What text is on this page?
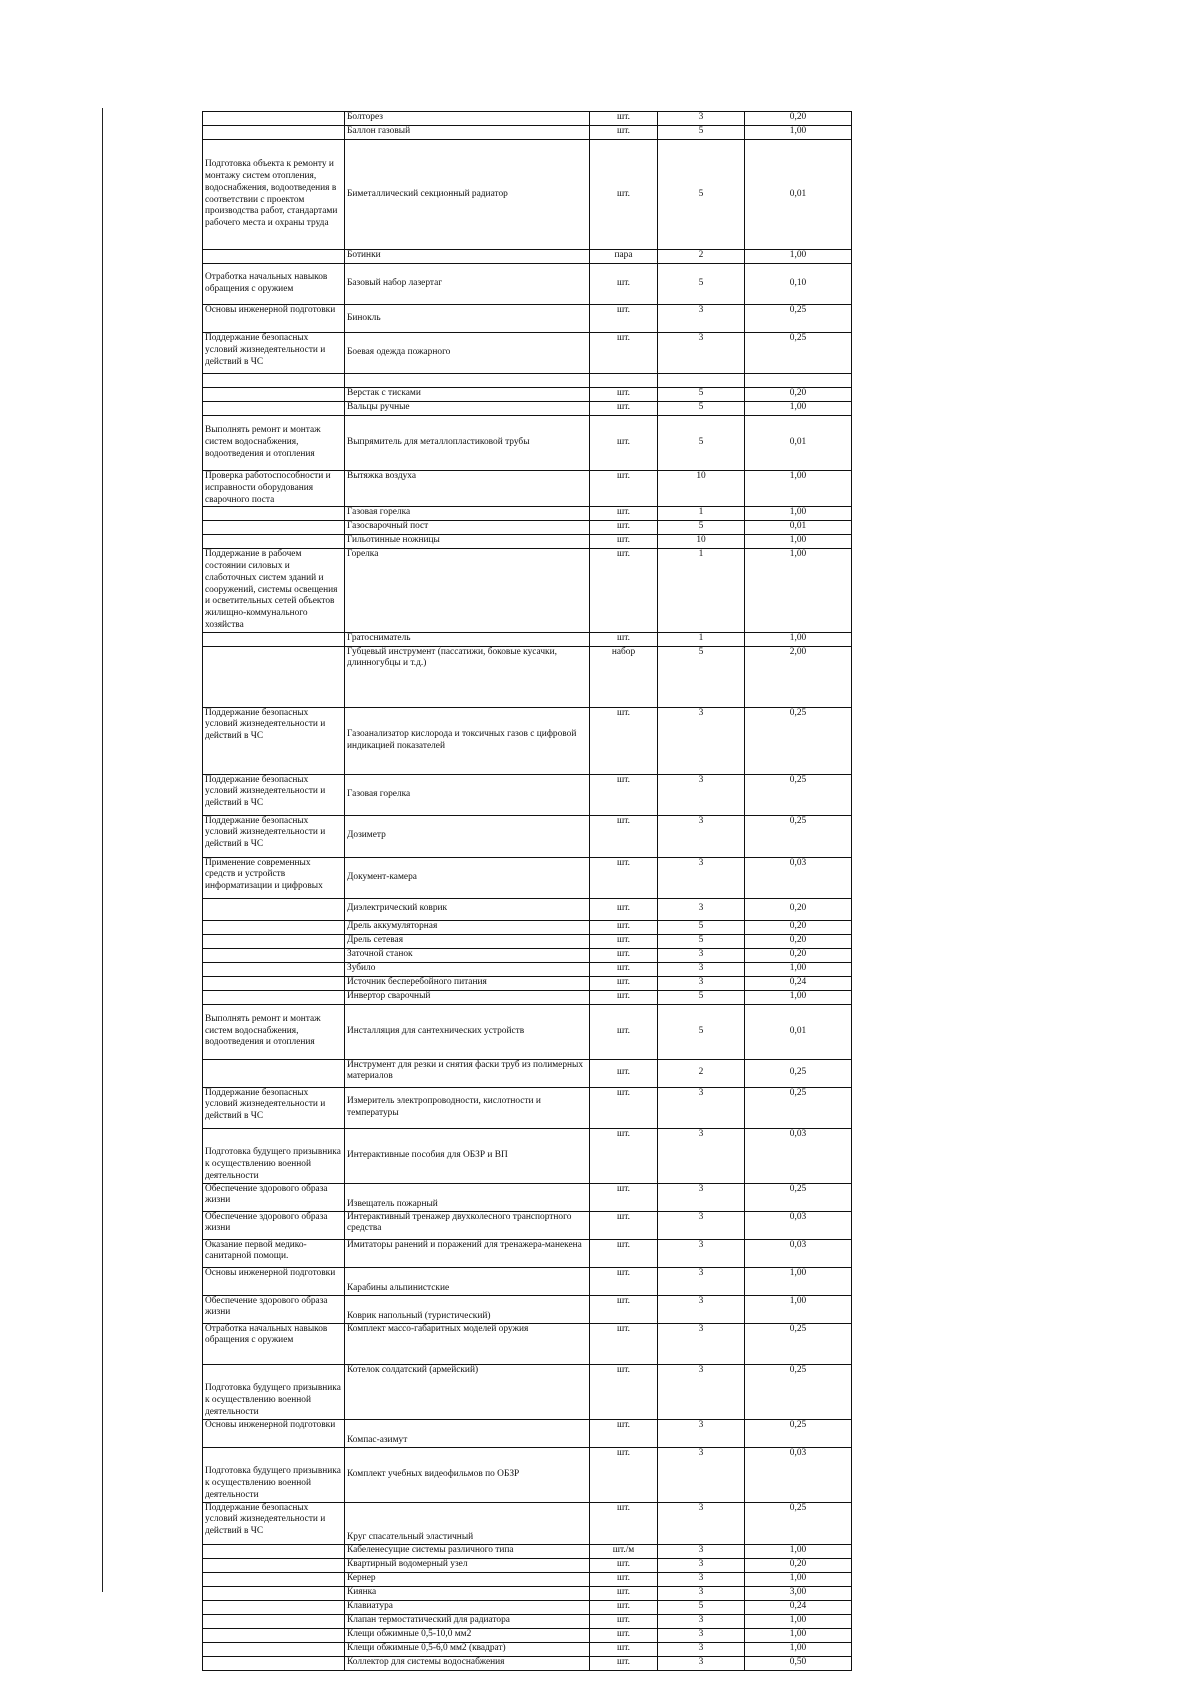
	Болторез	шт.	3	0,20
	Баллон газовый	шт.	5	1,00
Подготовка объекта к ремонту и монтажу систем отопления, водоснабжения, водоотведения в соответствии с проектом производства работ, стандартами рабочего места и охраны труда	Биметаллический секционный радиатор	шт.	5	0,01
	Ботинки	пара	2	1,00
Отработка начальных навыков обращения с оружием	Базовый набор лазертаг	шт.	5	0,10
Основы инженерной подготовки	Бинокль	шт.	3	0,25
Поддержание безопасных условий жизнедеятельности и действий в ЧС	Боевая одежда пожарного	шт.	3	0,25

	Верстак с тисками	шт.	5	0,20
	Вальцы ручные	шт.	5	1,00
Выполнять ремонт и монтаж систем водоснабжения, водоотведения и отопления	Выпрямитель для металлопластиковой трубы	шт.	5	0,01
Проверка работоспособности и исправности оборудования сварочного поста	Вытяжка воздуха	шт.	10	1,00
	Газовая горелка	шт.	1	1,00
	Газосварочный пост	шт.	5	0,01
	Гильотинные ножницы	шт.	10	1,00
Поддержание в рабочем состоянии силовых и слаботочных систем зданий и сооружений, системы освещения и осветительных сетей объектов жилищно-коммунального хозяйства	Горелка	шт.	1	1,00
	Гратосниматель	шт.	1	1,00
	Губцевый инструмент (пассатижи, боковые кусачки, длинногубцы и т.д.)	набор	5	2,00
Поддержание безопасных условий жизнедеятельности и действий в ЧС	Газоанализатор кислорода и токсичных газов с цифровой индикацией показателей	шт.	3	0,25
Поддержание безопасных условий жизнедеятельности и действий в ЧС	Газовая горелка	шт.	3	0,25
Поддержание безопасных условий жизнедеятельности и действий в ЧС	Дозиметр	шт.	3	0,25
Применение современных средств и устройств информатизации и цифровых	Документ-камера	шт.	3	0,03
	Диэлектрический коврик	шт.	3	0,20
	Дрель аккумуляторная	шт.	5	0,20
	Дрель сетевая	шт.	5	0,20
	Заточной станок	шт.	3	0,20
	Зубило	шт.	3	1,00
	Источник бесперебойного питания	шт.	3	0,24
	Инвертор сварочный	шт.	5	1,00
Выполнять ремонт и монтаж систем водоснабжения, водоотведения и отопления	Инсталляция для сантехнических устройств	шт.	5	0,01
	Инструмент для резки и снятия фаски труб из полимерных материалов	шт.	2	0,25
Поддержание безопасных условий жизнедеятельности и действий в ЧС	Измеритель электропроводности, кислотности и температуры	шт.	3	0,25
Подготовка будущего призывника к осуществлению военной деятельности	Интерактивные пособия для ОБЗР и ВП	шт.	3	0,03
Обеспечение здорового образа жизни	Извещатель пожарный	шт.	3	0,25
Обеспечение здорового образа жизни	Интерактивный тренажер двухколесного транспортного средства	шт.	3	0,03
Оказание первой медико-санитарной помощи.	Имитаторы ранений и поражений для тренажера-манекена	шт.	3	0,03
Основы инженерной подготовки	Карабины альпинистские	шт.	3	1,00
Обеспечение здорового образа жизни	Коврик напольный (туристический)	шт.	3	1,00
Отработка начальных навыков обращения с оружием	Комплект массо-габаритных моделей оружия	шт.	3	0,25
Подготовка будущего призывника к осуществлению военной деятельности	Котелок солдатский (армейский)	шт.	3	0,25
Основы инженерной подготовки	Компас-азимут	шт.	3	0,25
Подготовка будущего призывника к осуществлению военной деятельности	Комплект учебных видеофильмов по ОБЗР	шт.	3	0,03
Поддержание безопасных условий жизнедеятельности и действий в ЧС	Круг спасательный эластичный	шт.	3	0,25
	Кабеленесущие системы различного типа	шт./м	3	1,00
	Квартирный водомерный узел	шт.	3	0,20
	Кернер	шт.	3	1,00
	Киянка	шт.	3	3,00
	Клавиатура	шт.	5	0,24
	Клапан термостатический для радиатора	шт.	3	1,00
	Клещи обжимные 0,5-10,0 мм2	шт.	3	1,00
	Клещи обжимные 0,5-6,0 мм2 (квадрат)	шт.	3	1,00
	Коллектор для системы водоснабжения	шт.	3	0,50
